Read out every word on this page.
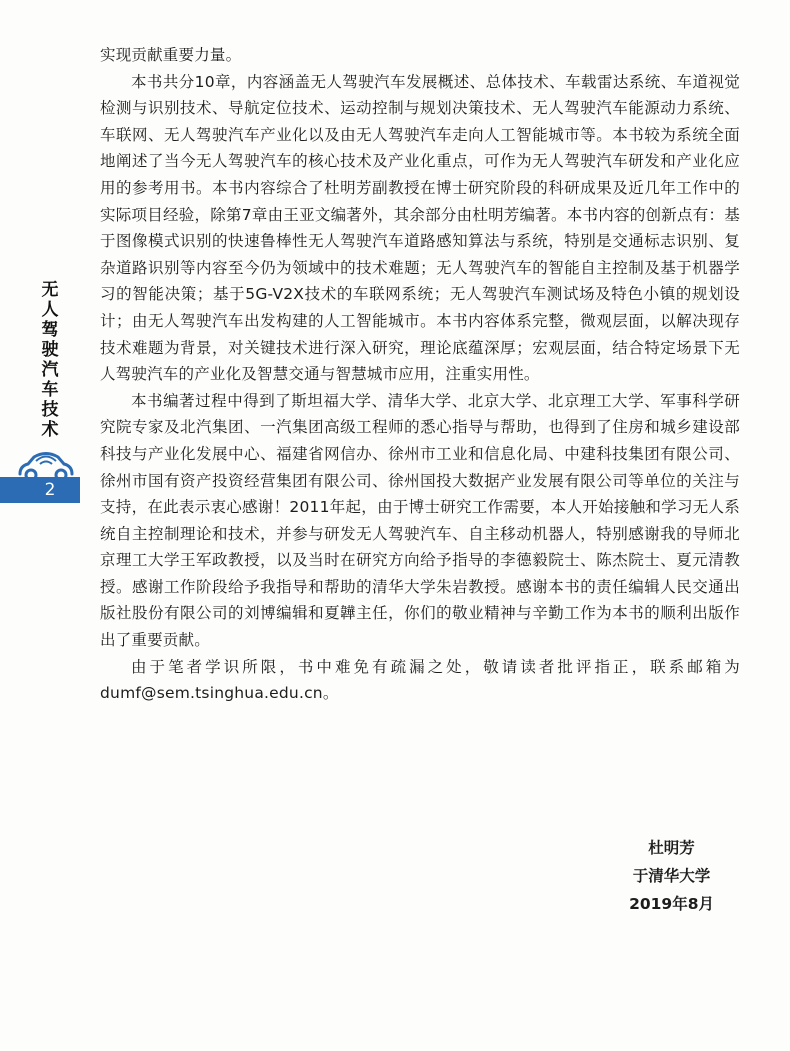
无
人
驾
驶
汽
车
技
术
2

实现贡献重要力量。

本书共分10章，内容涵盖无人驾驶汽车发展概述、总体技术、车载雷达系统、车道视觉检测与识别技术、导航定位技术、运动控制与规划决策技术、无人驾驶汽车能源动力系统、车联网、无人驾驶汽车产业化以及由无人驾驶汽车走向人工智能城市等。本书较为系统全面地阐述了当今无人驾驶汽车的核心技术及产业化重点，可作为无人驾驶汽车研发和产业化应用的参考用书。本书内容综合了杜明芳副教授在博士研究阶段的科研成果及近几年工作中的实际项目经验，除第7章由王亚文编著外，其余部分由杜明芳编著。本书内容的创新点有：基于图像模式识别的快速鲁棒性无人驾驶汽车道路感知算法与系统，特别是交通标志识别、复杂道路识别等内容至今仍为领域中的技术难题；无人驾驶汽车的智能自主控制及基于机器学习的智能决策；基于5G-V2X技术的车联网系统；无人驾驶汽车测试场及特色小镇的规划设计；由无人驾驶汽车出发构建的人工智能城市。本书内容体系完整，微观层面，以解决现存技术难题为背景，对关键技术进行深入研究，理论底蕴深厚；宏观层面，结合特定场景下无人驾驶汽车的产业化及智慧交通与智慧城市应用，注重实用性。

本书编著过程中得到了斯坦福大学、清华大学、北京大学、北京理工大学、军事科学研究院专家及北汽集团、一汽集团高级工程师的悉心指导与帮助，也得到了住房和城乡建设部科技与产业化发展中心、福建省网信办、徐州市工业和信息化局、中建科技集团有限公司、徐州市国有资产投资经营集团有限公司、徐州国投大数据产业发展有限公司等单位的关注与支持，在此表示衷心感谢！2011年起，由于博士研究工作需要，本人开始接触和学习无人系统自主控制理论和技术，并参与研发无人驾驶汽车、自主移动机器人，特别感谢我的导师北京理工大学王军政教授，以及当时在研究方向给予指导的李德毅院士、陈杰院士、夏元清教授。感谢工作阶段给予我指导和帮助的清华大学朱岩教授。感谢本书的责任编辑人民交通出版社股份有限公司的刘博编辑和夏韡主任，你们的敬业精神与辛勤工作为本书的顺利出版作出了重要贡献。

由于笔者学识所限，书中难免有疏漏之处，敬请读者批评指正，联系邮箱为dumf@sem.tsinghua.edu.cn。

杜明芳
于清华大学
2019年8月
